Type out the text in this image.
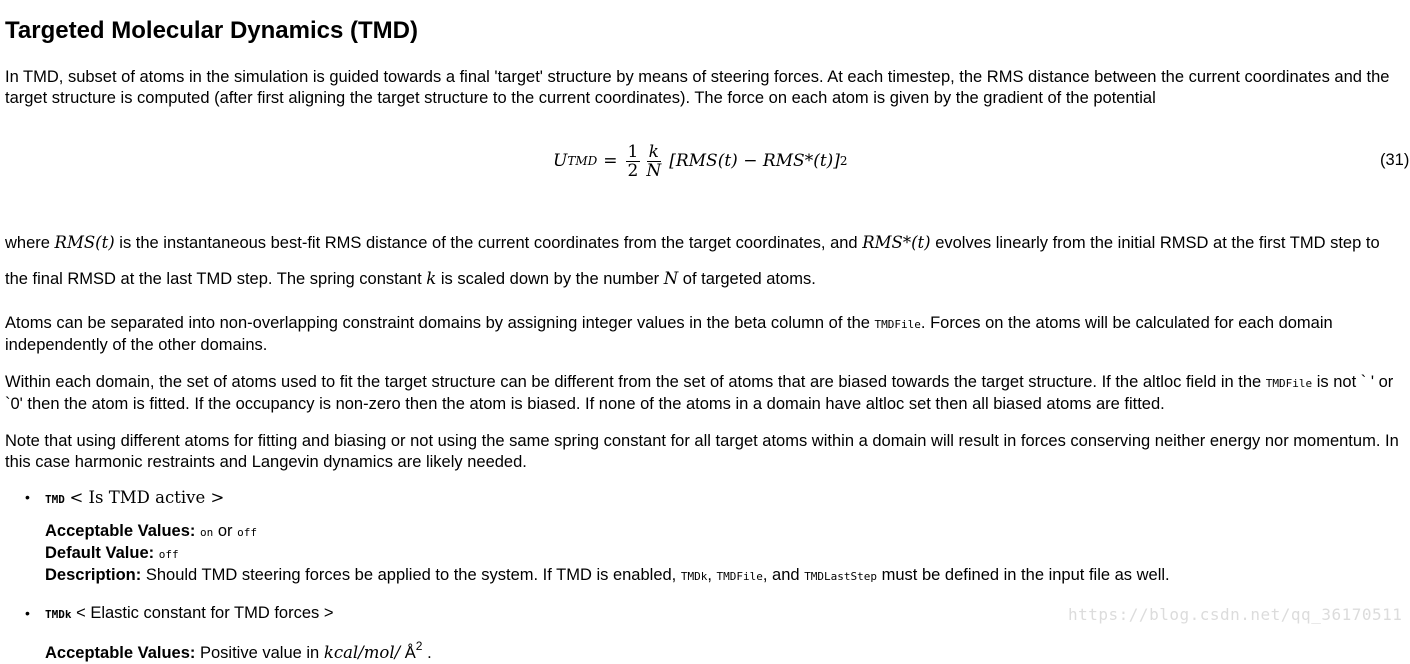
Targeted Molecular Dynamics (TMD)

In TMD, subset of atoms in the simulation is guided towards a final 'target' structure by means of steering forces. At each timestep, the RMS distance between the current coordinates and the target structure is computed (after first aligning the target structure to the current coordinates). The force on each atom is given by the gradient of the potential

U TMD = $\frac{1}{2} \frac{k}{N} [RMS(t) - RMS*(t)]$ 2	(31)

where RMS(t) is the instantaneous best-fit RMS distance of the current coordinates from the target coordinates, and RMS*(t) evolves linearly from the initial RMSD at the first TMD step to the final RMSD at the last TMD step. The spring constant k is scaled down by the number N of targeted atoms.

Atoms can be separated into non-overlapping constraint domains by assigning integer values in the beta column of the TMDFile. Forces on the atoms will be calculated for each domain independently of the other domains.

Within each domain, the set of atoms used to fit the target structure can be different from the set of atoms that are biased towards the target structure. If the altloc field in the TMDFile is not ` ' or `0' then the atom is fitted. If the occupancy is non-zero then the atom is biased. If none of the atoms in a domain have altloc set then all biased atoms are fitted.

Note that using different atoms for fitting and biasing or not using the same spring constant for all target atoms within a domain will result in forces conserving neither energy nor momentum. In this case harmonic restraints and Langevin dynamics are likely needed.

• TMD < Is TMD active >
Acceptable Values: on or off
Default Value: off
Description: Should TMD steering forces be applied to the system. If TMD is enabled, TMDk, TMDFile, and TMDLastStep must be defined in the input file as well.
• TMDk < Elastic constant for TMD forces >
Acceptable Values: Positive value in kcal/mol/ $Å^2$ .
https://blog.csdn.net/qq_36170511
